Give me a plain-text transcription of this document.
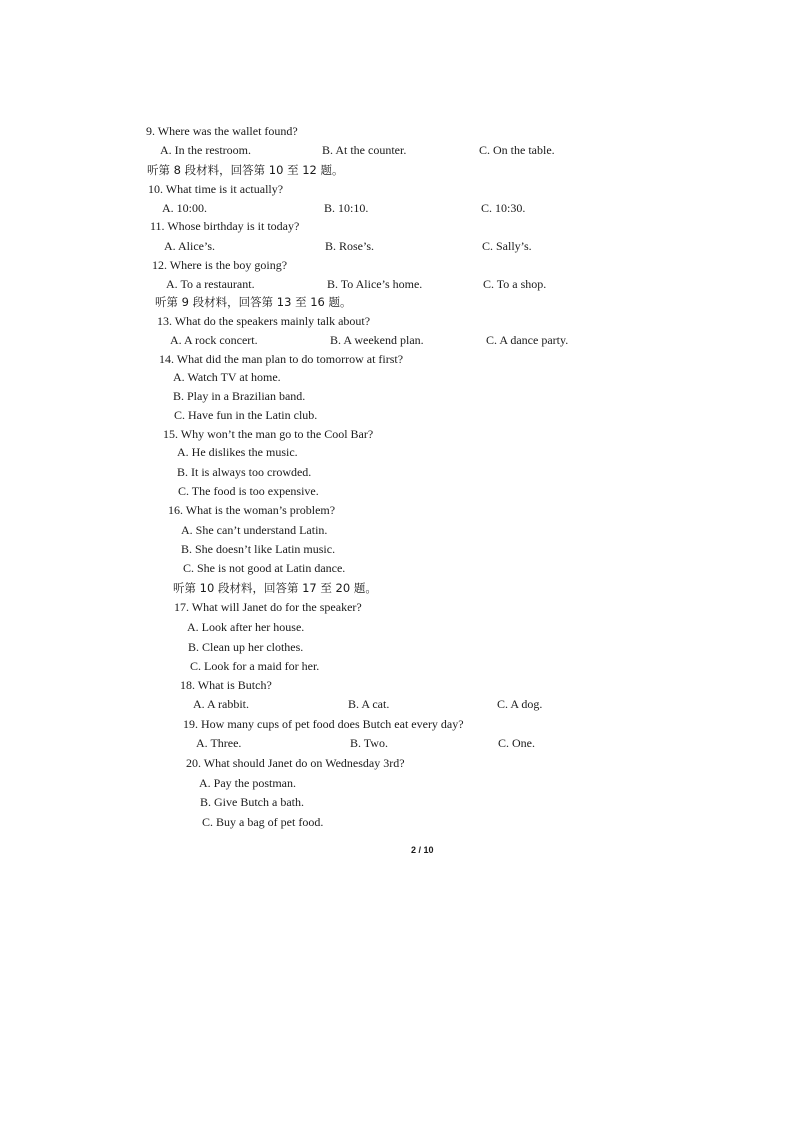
9. Where was the wallet found?
A. In the restroom.	B. At the counter.	C. On the table.
听第 8 段材料，回答第 10 至 12 题。
10. What time is it actually?
A. 10:00.	B. 10:10.	C. 10:30.
11. Whose birthday is it today?
A. Alice’s.	B. Rose’s.	C. Sally’s.
12. Where is the boy going?
A. To a restaurant.	B. To Alice’s home.	C. To a shop.
听第 9 段材料，回答第 13 至 16 题。
13. What do the speakers mainly talk about?
A. A rock concert.	B. A weekend plan.	C. A dance party.
14. What did the man plan to do tomorrow at first?
A. Watch TV at home.
B. Play in a Brazilian band.
C. Have fun in the Latin club.
15. Why won’t the man go to the Cool Bar?
A. He dislikes the music.
B. It is always too crowded.
C. The food is too expensive.
16. What is the woman’s problem?
A. She can’t understand Latin.
B. She doesn’t like Latin music.
C. She is not good at Latin dance.
听第 10 段材料，回答第 17 至 20 题。
17. What will Janet do for the speaker?
A. Look after her house.
B. Clean up her clothes.
C. Look for a maid for her.
18. What is Butch?
A. A rabbit.	B. A cat.	C. A dog.
19. How many cups of pet food does Butch eat every day?
A. Three.	B. Two.	C. One.
20. What should Janet do on Wednesday 3rd?
A. Pay the postman.
B. Give Butch a bath.
C. Buy a bag of pet food.
2 / 10
